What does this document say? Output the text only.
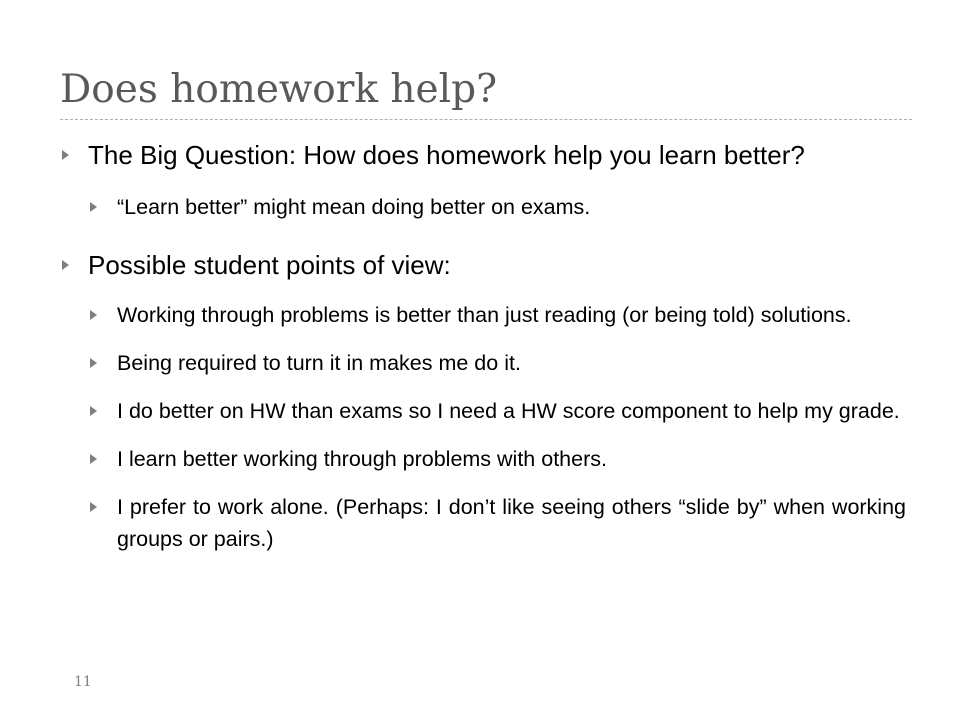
Does homework help?
The Big Question: How does homework help you learn better?
“Learn better” might mean doing better on exams.
Possible student points of view:
Working through problems is better than just reading (or being told) solutions.
Being required to turn it in makes me do it.
I do better on HW than exams so I need a HW score component to help my grade.
I learn better working through problems with others.
I prefer to work alone. (Perhaps: I don’t like seeing others “slide by” when working groups or pairs.)
11
